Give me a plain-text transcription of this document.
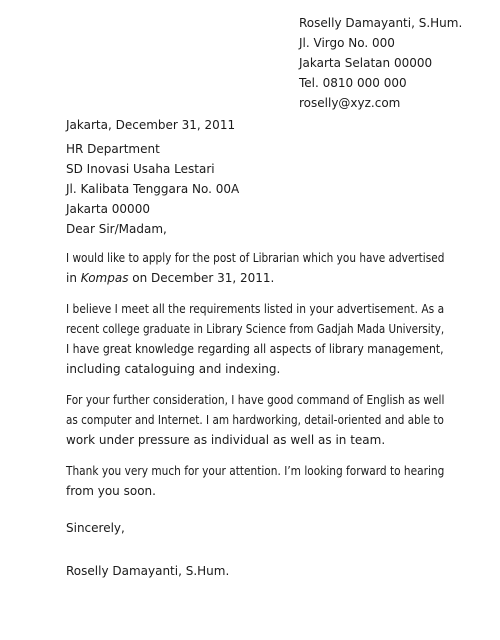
Roselly Damayanti, S.Hum.
Jl. Virgo No. 000
Jakarta Selatan 00000
Tel. 0810 000 000
roselly@xyz.com
Jakarta, December 31, 2011
HR Department
SD Inovasi Usaha Lestari
Jl. Kalibata Tenggara No. 00A
Jakarta 00000
Dear Sir/Madam,

I would like to apply for the post of Librarian which you have advertised
in Kompas on December 31, 2011.

I believe I meet all the requirements listed in your advertisement. As a
recent college graduate in Library Science from Gadjah Mada University,
I have great knowledge regarding all aspects of library management,
including cataloguing and indexing.

For your further consideration, I have good command of English as well
as computer and Internet. I am hardworking, detail-oriented and able to
work under pressure as individual as well as in team.

Thank you very much for your attention. I’m looking forward to hearing
from you soon.

Sincerely,
Roselly Damayanti, S.Hum.
